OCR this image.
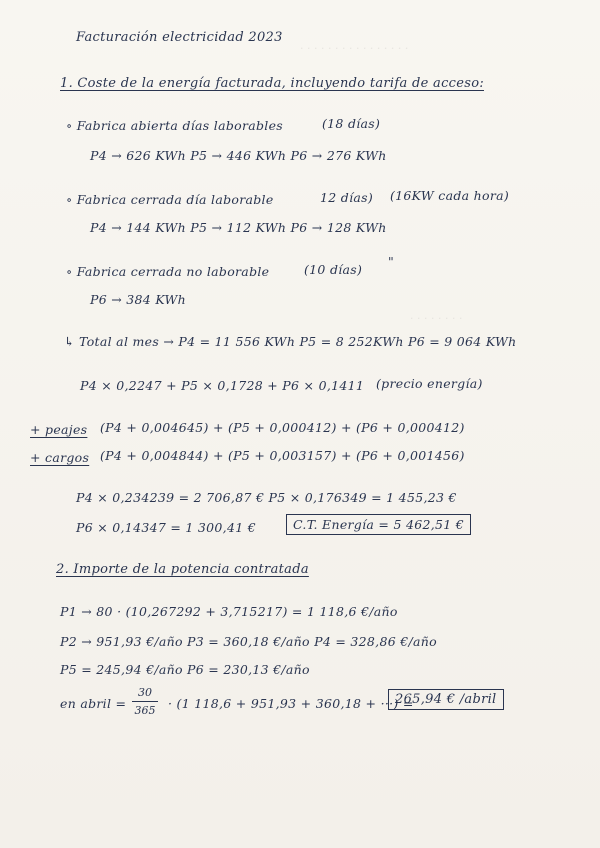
· · · · · · · · · · · · · · · ·
· · · · · · · ·
Facturación electricidad 2023
1. Coste de la energía facturada, incluyendo tarifa de acceso:
∘ Fabrica abierta días laborables	(18 días)
P4 → 626 KWh P5 → 446 KWh P6 → 276 KWh
∘ Fabrica cerrada día laborable	12 días) (16KW cada hora)
P4 → 144 KWh P5 → 112 KWh P6 → 128 KWh
∘ Fabrica cerrada no laborable	(10 días)
"
P6 → 384 KWh
↳ Total al mes → P4 = 11 556 KWh P5 = 8 252KWh P6 = 9 064 KWh
P4 × 0,2247 + P5 × 0,1728 + P6 × 0,1411 (precio energía)
+ peajes (P4 + 0,004645) + (P5 + 0,000412) + (P6 + 0,000412)
+ cargos (P4 + 0,004844) + (P5 + 0,003157) + (P6 + 0,001456)
P4 × 0,234239 = 2 706,87 € P5 × 0,176349 = 1 455,23 €
P6 × 0,14347 = 1 300,41 €	C.T. Energía = 5 462,51 €
2. Importe de la potencia contratada
P1 → 80 · (10,267292 + 3,715217) = 1 118,6 €/año
P2 → 951,93 €/año P3 = 360,18 €/año P4 = 328,86 €/año
P5 = 245,94 €/año P6 = 230,13 €/año
en abril =
30
365 · (1 118,6 + 951,93 + 360,18 + ···) =
265,94 € /abril
